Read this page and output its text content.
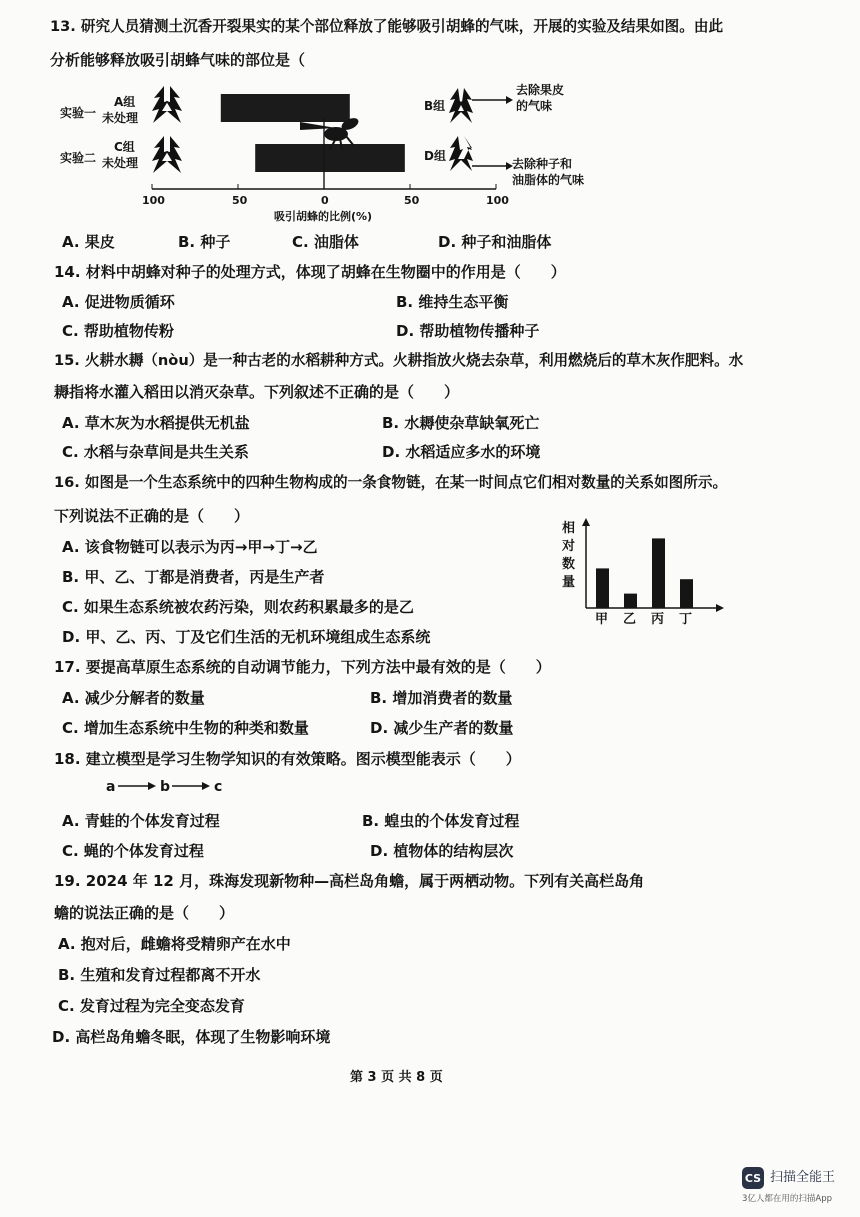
13. 研究人员猜测土沉香开裂果实的某个部位释放了能够吸引胡蜂的气味，开展的实验及结果如图。由此
分析能够释放吸引胡蜂气味的部位是（
实验一
实验二
A组
未处理
C组
未处理
100	50	0	50	100
吸引胡蜂的比例(%)
B组
D组
去除果皮
的气味
去除种子和
油脂体的气味
A. 果皮	B. 种子	C. 油脂体	D. 种子和油脂体
14. 材料中胡蜂对种子的处理方式，体现了胡蜂在生物圈中的作用是（　　）
A. 促进物质循环	B. 维持生态平衡
C. 帮助植物传粉	D. 帮助植物传播种子
15. 火耕水耨（nòu）是一种古老的水稻耕种方式。火耕指放火烧去杂草，利用燃烧后的草木灰作肥料。水
耨指将水灌入稻田以消灭杂草。下列叙述不正确的是（　　）
A. 草木灰为水稻提供无机盐	B. 水耨使杂草缺氧死亡
C. 水稻与杂草间是共生关系	D. 水稻适应多水的环境
16. 如图是一个生态系统中的四种生物构成的一条食物链，在某一时间点它们相对数量的关系如图所示。
下列说法不正确的是（　　）
A. 该食物链可以表示为丙→甲→丁→乙
B. 甲、乙、丁都是消费者，丙是生产者
C. 如果生态系统被农药污染，则农药积累最多的是乙
D. 甲、乙、丙、丁及它们生活的无机环境组成生态系统
相
对
数
量
甲 乙 丙 丁
17. 要提高草原生态系统的自动调节能力，下列方法中最有效的是（　　）
A. 减少分解者的数量	B. 增加消费者的数量
C. 增加生态系统中生物的种类和数量	D. 减少生产者的数量
18. 建立模型是学习生物学知识的有效策略。图示模型能表示（　　）
a	b	c
A. 青蛙的个体发育过程	B. 蝗虫的个体发育过程
C. 蝇的个体发育过程	D. 植物体的结构层次
19. 2024 年 12 月，珠海发现新物种—高栏岛角蟾，属于两栖动物。下列有关高栏岛角
蟾的说法正确的是（　　）
A. 抱对后，雌蟾将受精卵产在水中
B. 生殖和发育过程都离不开水
C. 发育过程为完全变态发育
D. 高栏岛角蟾冬眠，体现了生物影响环境
第 3 页 共 8 页
CS 扫描全能王
3亿人都在用的扫描App
